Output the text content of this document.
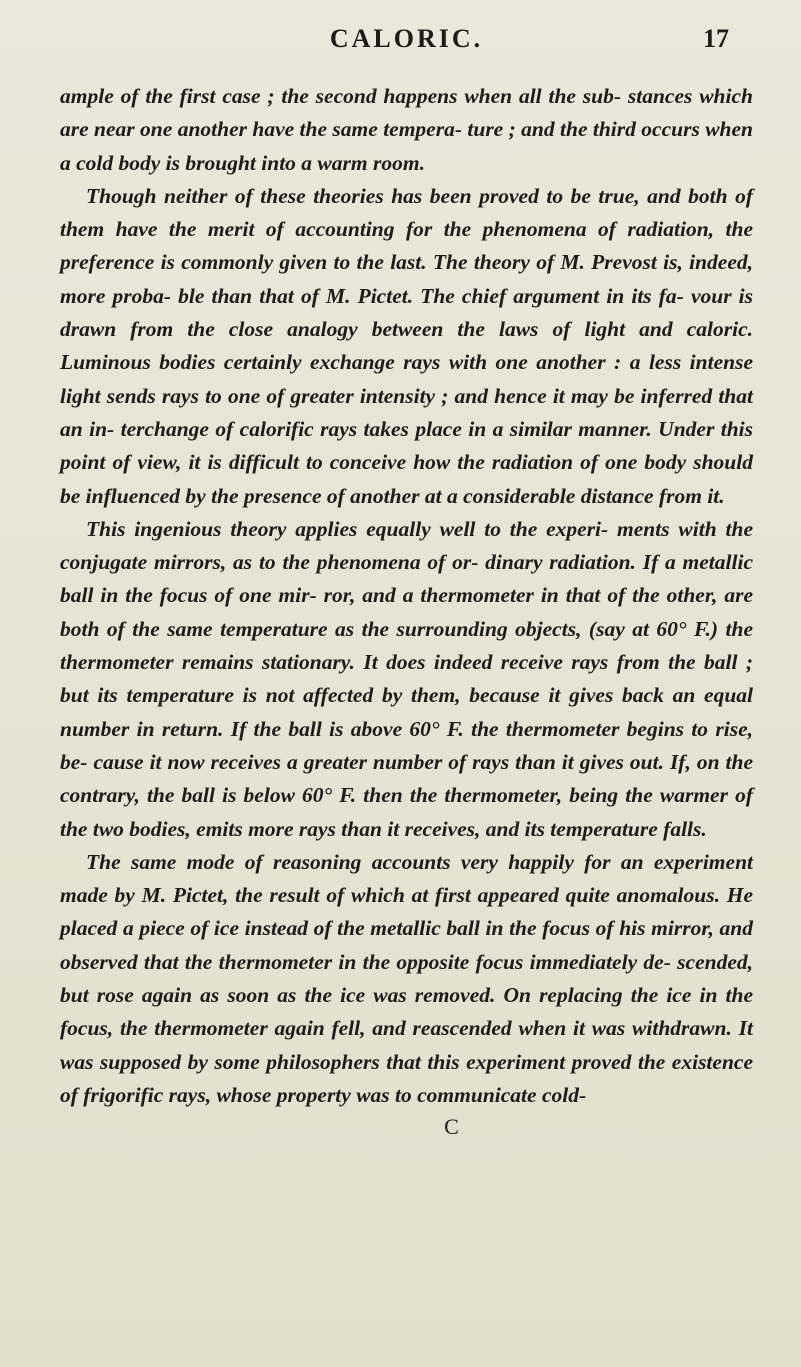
CALORIC.	17

ample of the first case ; the second happens when all the sub- stances which are near one another have the same tempera- ture ; and the third occurs when a cold body is brought into a warm room.

Though neither of these theories has been proved to be true, and both of them have the merit of accounting for the phenomena of radiation, the preference is commonly given to the last. The theory of M. Prevost is, indeed, more proba- ble than that of M. Pictet. The chief argument in its fa- vour is drawn from the close analogy between the laws of light and caloric. Luminous bodies certainly exchange rays with one another : a less intense light sends rays to one of greater intensity ; and hence it may be inferred that an in- terchange of calorific rays takes place in a similar manner. Under this point of view, it is difficult to conceive how the radiation of one body should be influenced by the presence of another at a considerable distance from it.

This ingenious theory applies equally well to the experi- ments with the conjugate mirrors, as to the phenomena of or- dinary radiation. If a metallic ball in the focus of one mir- ror, and a thermometer in that of the other, are both of the same temperature as the surrounding objects, (say at 60° F.) the thermometer remains stationary. It does indeed receive rays from the ball ; but its temperature is not affected by them, because it gives back an equal number in return. If the ball is above 60° F. the thermometer begins to rise, be- cause it now receives a greater number of rays than it gives out. If, on the contrary, the ball is below 60° F. then the thermometer, being the warmer of the two bodies, emits more rays than it receives, and its temperature falls.

The same mode of reasoning accounts very happily for an experiment made by M. Pictet, the result of which at first appeared quite anomalous. He placed a piece of ice instead of the metallic ball in the focus of his mirror, and observed that the thermometer in the opposite focus immediately de- scended, but rose again as soon as the ice was removed. On replacing the ice in the focus, the thermometer again fell, and reascended when it was withdrawn. It was supposed by some philosophers that this experiment proved the existence of frigorific rays, whose property was to communicate cold-

C
